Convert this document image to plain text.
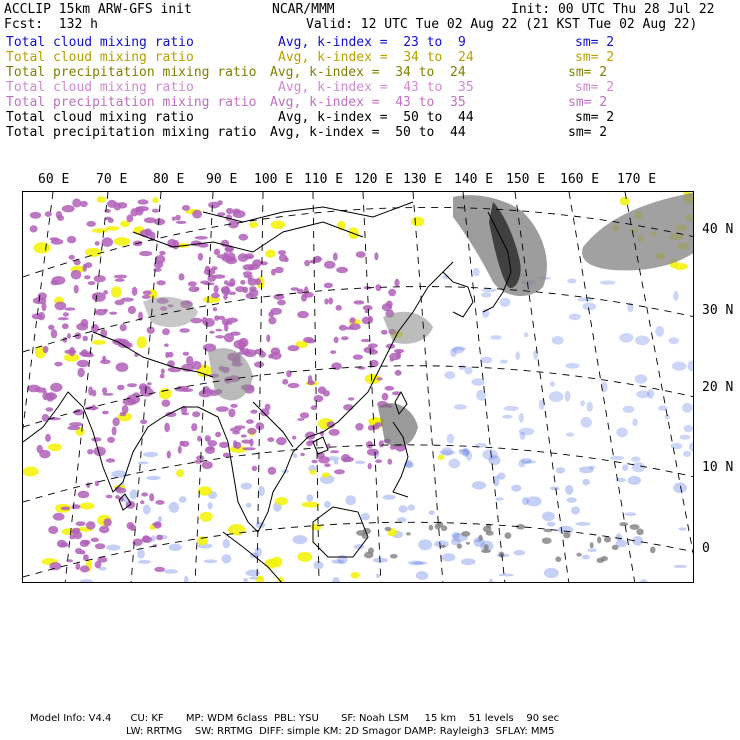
ACCLIP 15km ARW-GFS init	NCAR/MMM	Init: 00 UTC Thu 28 Jul 22
Fcst:  132 h	Valid: 12 UTC Tue 02 Aug 22 (21 KST Tue 02 Aug 22)
Total cloud mixing ratio	Avg, k-index =  23 to  9	sm= 2
Total cloud mixing ratio	Avg, k-index =  34 to  24	sm= 2
Total precipitation mixing ratio Avg, k-index =  34 to  24	sm= 2
Total cloud mixing ratio	Avg, k-index =  43 to  35	sm= 2
Total precipitation mixing ratio Avg, k-index =  43 to  35	sm= 2
Total cloud mixing ratio	Avg, k-index =  50 to  44	sm= 2
Total precipitation mixing ratio Avg, k-index =  50 to  44	sm= 2
60 E 70 E 80 E 90 E 100 E 110 E 120 E 130 E 140 E 150 E 160 E 170 E
40 N
30 N
20 N
10 N
0
Model Info: V4.4      CU: KF       MP: WDM 6class  PBL: YSU       SF: Noah LSM     15 km    51 levels    90 sec
LW: RRTMG    SW: RRTMG  DIFF: simple KM: 2D Smagor DAMP: Rayleigh3  SFLAY: MM5
